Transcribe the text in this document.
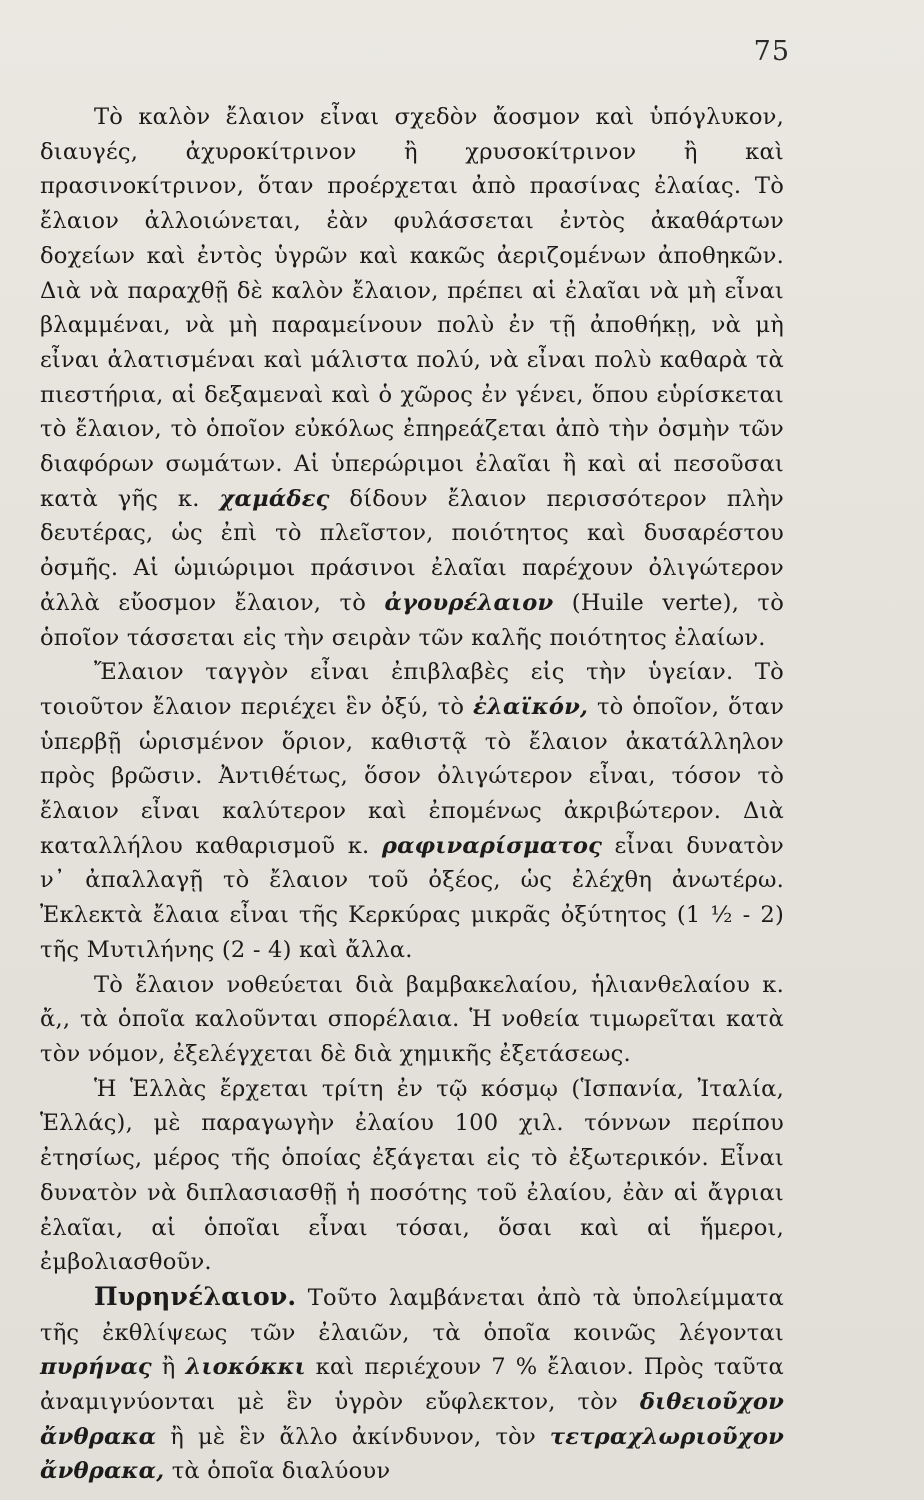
75

Τὸ καλὸν ἔλαιον εἶναι σχεδὸν ἄοσμον καὶ ὑπόγλυκον, διαυγές, ἀχυροκίτρινον ἢ χρυσοκίτρινον ἢ καὶ πρασινοκίτρινον, ὅταν προέρχεται ἀπὸ πρασίνας ἐλαίας. Τὸ ἔλαιον ἀλλοιώνεται, ἐὰν φυλάσσεται ἐντὸς ἀκαθάρτων δοχείων καὶ ἐντὸς ὑγρῶν καὶ κακῶς ἀεριζομένων ἀποθηκῶν. Διὰ νὰ παραχθῇ δὲ καλὸν ἔλαιον, πρέπει αἱ ἐλαῖαι νὰ μὴ εἶναι βλαμμέναι, νὰ μὴ παραμείνουν πολὺ ἐν τῇ ἀποθήκῃ, νὰ μὴ εἶναι ἀλατισμέναι καὶ μάλιστα πολύ, νὰ εἶναι πολὺ καθαρὰ τὰ πιεστήρια, αἱ δεξαμεναὶ καὶ ὁ χῶρος ἐν γένει, ὅπου εὑρίσκεται τὸ ἔλαιον, τὸ ὁποῖον εὐκόλως ἐπηρεάζεται ἀπὸ τὴν ὀσμὴν τῶν διαφόρων σωμάτων. Αἱ ὑπερώριμοι ἐλαῖαι ἢ καὶ αἱ πεσοῦσαι κατὰ γῆς κ. χαμάδες δίδουν ἔλαιον περισσότερον πλὴν δευτέρας, ὡς ἐπὶ τὸ πλεῖστον, ποιότητος καὶ δυσαρέστου ὀσμῆς. Αἱ ὡμιώριμοι πράσινοι ἐλαῖαι παρέχουν ὀλιγώτερον ἀλλὰ εὔοσμον ἔλαιον, τὸ ἀγουρέλαιον (Huile verte), τὸ ὁποῖον τάσσεται εἰς τὴν σειρὰν τῶν καλῆς ποιότητος ἐλαίων.

Ἔλαιον ταγγὸν εἶναι ἐπιβλαβὲς εἰς τὴν ὑγείαν. Τὸ τοιοῦτον ἔλαιον περιέχει ἓν ὀξύ, τὸ ἐλαϊκόν, τὸ ὁποῖον, ὅταν ὑπερβῇ ὡρισμένον ὅριον, καθιστᾷ τὸ ἔλαιον ἀκατάλληλον πρὸς βρῶσιν. Ἀντιθέτως, ὅσον ὀλιγώτερον εἶναι, τόσον τὸ ἔλαιον εἶναι καλύτερον καὶ ἐπομένως ἀκριβώτερον. Διὰ καταλλήλου καθαρισμοῦ κ. ραφιναρίσματος εἶναι δυνατὸν ν᾿ ἀπαλλαγῇ τὸ ἔλαιον τοῦ ὀξέος, ὡς ἐλέχθη ἀνωτέρω. Ἐκλεκτὰ ἔλαια εἶναι τῆς Κερκύρας μικρᾶς ὀξύτητος (1 ½ - 2) τῆς Μυτιλήνης (2 - 4) καὶ ἄλλα.

Τὸ ἔλαιον νοθεύεται διὰ βαμβακελαίου, ἡλιανθελαίου κ. ἄ,, τὰ ὁποῖα καλοῦνται σπορέλαια. Ἡ νοθεία τιμωρεῖται κατὰ τὸν νόμον, ἐξελέγχεται δὲ διὰ χημικῆς ἐξετάσεως.

Ἡ Ἑλλὰς ἔρχεται τρίτη ἐν τῷ κόσμῳ (Ἱσπανία, Ἰταλία, Ἑλλάς), μὲ παραγωγὴν ἐλαίου 100 χιλ. τόννων περίπου ἐτησίως, μέρος τῆς ὁποίας ἐξάγεται εἰς τὸ ἐξωτερικόν. Εἶναι δυνατὸν νὰ διπλασιασθῇ ἡ ποσότης τοῦ ἐλαίου, ἐὰν αἱ ἄγριαι ἐλαῖαι, αἱ ὁποῖαι εἶναι τόσαι, ὅσαι καὶ αἱ ἥμεροι, ἐμβολιασθοῦν.

Πυρηνέλαιον. Τοῦτο λαμβάνεται ἀπὸ τὰ ὑπολείμματα τῆς ἐκθλίψεως τῶν ἐλαιῶν, τὰ ὁποῖα κοινῶς λέγονται πυρήνας ἢ λιοκόκκι καὶ περιέχουν 7 % ἔλαιον. Πρὸς ταῦτα ἀναμιγνύονται μὲ ἓν ὑγρὸν εὔφλεκτον, τὸν διθειοῦχον ἄνθρακα ἢ μὲ ἓν ἄλλο ἀκίνδυνον, τὸν τετραχλωριοῦχον ἄνθρακα, τὰ ὁποῖα διαλύουν
